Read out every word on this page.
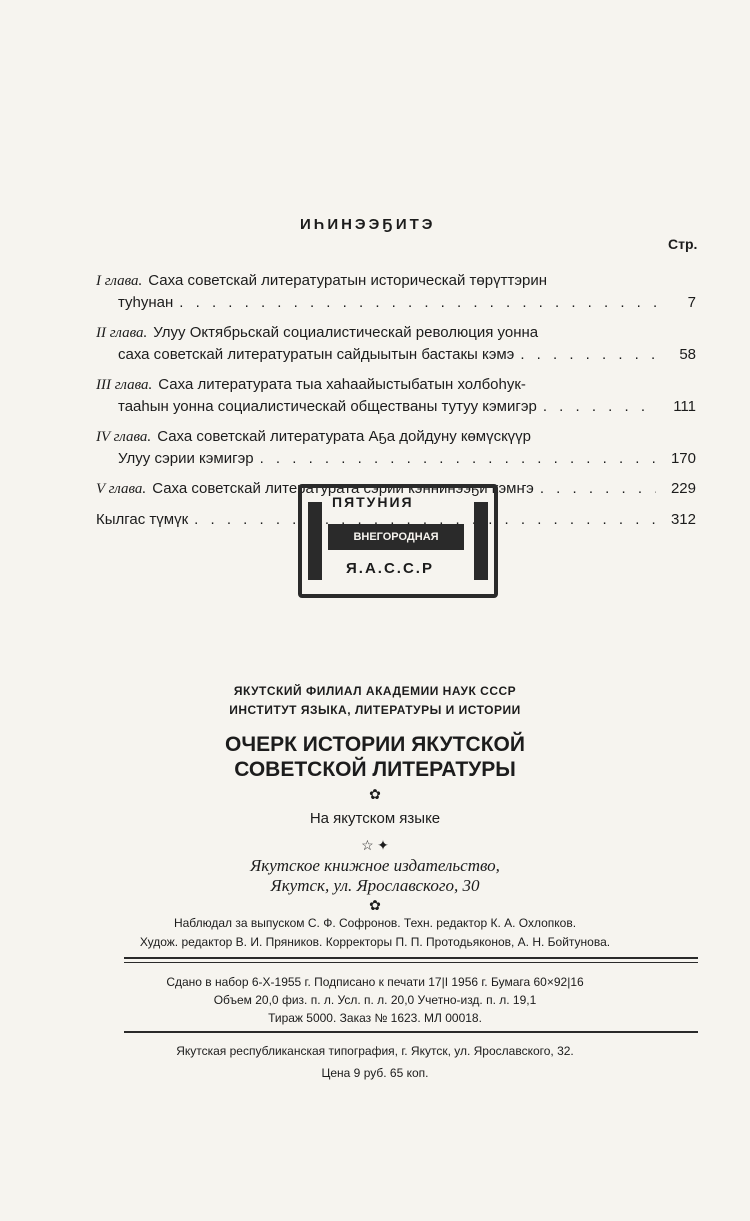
ИҺИНЭЭҔИТЭ
Стр.
I глава. Саха советскай литературатын историческай төрүттэрин
туһунан . . .	7
II глава. Улуу Октябрьскай социалистическай революция уонна
саха советскай литературатын сайдыытын бастакы кэмэ . . .	58
III глава. Саха литературата тыа хаһаайыстыбатын холбоһук-
тааһын уонна социалистическай обществаны тутуу кэмигэр . . .	111
IV глава. Саха советскай литературата Аҕа дойдуну көмүскүүр
Улуу сэрии кэмигэр . . .	170
V глава. Саха советскай литературата сэрии кэннинээҕи кэмҥэ . . .	229
Кылгас түмүк . . .	312
ПЯТУНИЯ
ВНЕГОРОДНАЯ
Я.А.С.С.Р
ЯКУТСКИЙ ФИЛИАЛ АКАДЕМИИ НАУК СССР
ИНСТИТУТ ЯЗЫКА, ЛИТЕРАТУРЫ И ИСТОРИИ
ОЧЕРК ИСТОРИИ ЯКУТСКОЙ
СОВЕТСКОЙ ЛИТЕРАТУРЫ
✿
На якутском языке
☆ ✦
Якутское книжное издательство,
Якутск, ул. Ярославского, 30
✿
Наблюдал за выпуском С. Ф. Софронов. Техн. редактор К. А. Охлопков.
Худож. редактор В. И. Пряников. Корректоры П. П. Протодьяконов, А. Н. Бойтунова.
Сдано в набор 6-X-1955 г. Подписано к печати 17|I 1956 г. Бумага 60×92|16
Объем 20,0 физ. п. л. Усл. п. л. 20,0 Учетно-изд. п. л. 19,1
Тираж 5000. Заказ № 1623. МЛ 00018.
Якутская республиканская типография, г. Якутск, ул. Ярославского, 32.
Цена 9 руб. 65 коп.
